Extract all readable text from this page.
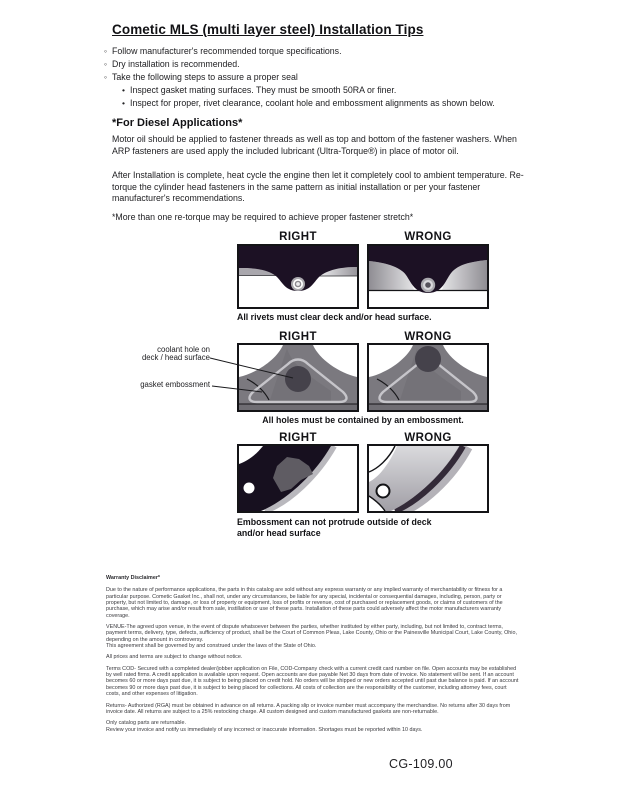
Cometic MLS (multi layer steel) Installation Tips
◦ Follow manufacturer's recommended torque specifications.
◦ Dry installation is recommended.
◦ Take the following steps to assure a proper seal
• Inspect gasket mating surfaces. They must be smooth 50RA or finer.
• Inspect for proper, rivet clearance, coolant hole and embossment alignments as shown below.
*For Diesel Applications*
Motor oil should be applied to fastener threads as well as top and bottom of the fastener washers. When ARP fasteners are used apply the included lubricant (Ultra-Torque®) in place of motor oil.
After Installation is complete, heat cycle the engine then let it completely cool to ambient temperature. Re-torque the cylinder head fasteners in the same pattern as initial installation or per your fastener manufacturer's recommendations.
*More than one re-torque may be required to achieve proper fastener stretch*
RIGHT	WRONG
All rivets must clear deck and/or head surface.
RIGHT	WRONG
coolant hole on
deck / head surface
gasket embossment
All holes must be contained by an embossment.
RIGHT	WRONG
Embossment can not protrude outside of deck
and/or head surface
Warranty Disclaimer*

Due to the nature of performance applications, the parts in this catalog are sold without any express warranty or any implied warranty of merchantability or fitness for a particular purpose. Cometic Gasket Inc., shall not, under any circumstances, be liable for any special, incidental or consequential damages, including, person, party or property, but not limited to, damage, or loss of property or equipment, loss of profits or revenue, cost of purchased or replacement goods, or claims of customers of the purchase, which may arise and/or result from sale, instillation or use of these parts. Installation of these parts could adversely affect the motor manufacturers warranty coverage.

VENUE-The agreed upon venue, in the event of dispute whatsoever between the parties, whether instituted by either party, including, but not limited to, contract terms, payment terms, delivery, type, defects, sufficiency of product, shall be the Court of Common Pleas, Lake County, Ohio or the Painesville Municipal Court, Lake County, Ohio, depending on the amount in controversy.

This agreement shall be governed by and construed under the laws of the State of Ohio.

All prices and terms are subject to change without notice.

Terms COD- Secured with a completed dealer/jobber application on File, COD-Company check with a current credit card number on file. Open accounts may be established by well rated firms. A credit application is available upon request. Open accounts are due payable Net 30 days from date of invoice. No statement will be sent. If an account becomes 60 or more days past due, it is subject to being placed on credit hold. No orders will be shipped or new orders accepted until past due balance is paid. If an account becomes 90 or more days past due, it is subject to being placed for collections. All costs of collection are the responsibility of the customer, including attorney fees, court costs, and other expenses of litigation.

Returns- Authorized (RGA) must be obtained in advance on all returns. A packing slip or invoice number must accompany the merchandise. No returns after 30 days from invoice date. All returns are subject to a 25% restocking charge. All custom designed and custom manufactured gaskets are non-returnable.

Only catalog parts are returnable.

Review your invoice and notify us immediately of any incorrect or inaccurate information. Shortages must be reported within 10 days.

CG-109.00
